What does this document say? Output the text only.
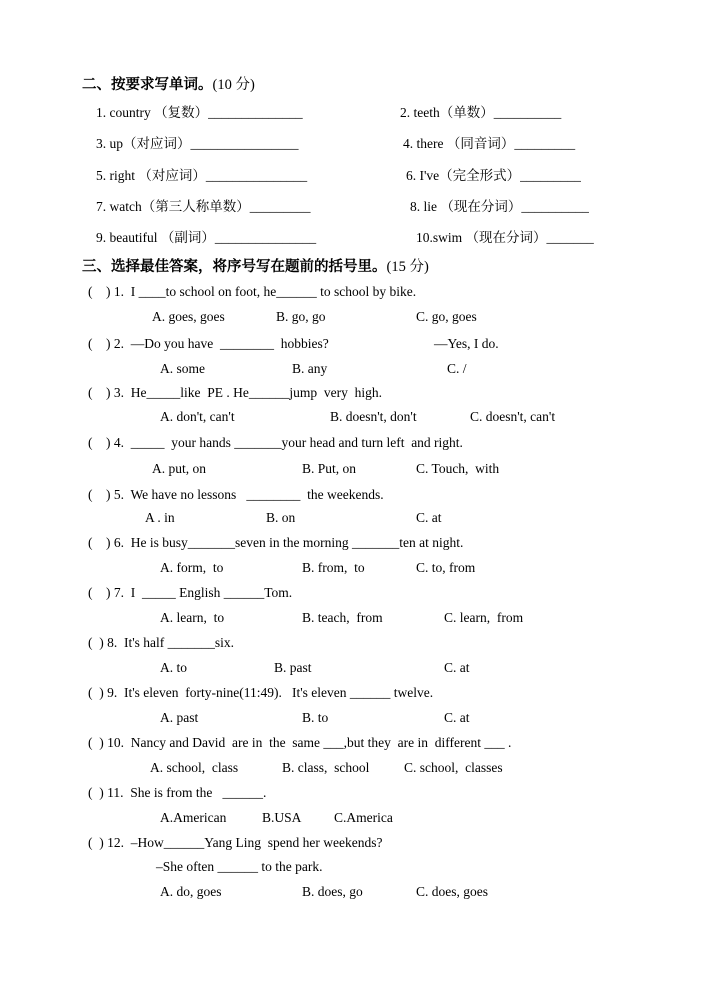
二、按要求写单词。(10 分)
1. country （复数）______________	2. teeth（单数）__________
3. up（对应词）________________	4. there （同音词）_________
5. right （对应词）_______________	6. I've（完全形式）_________
7. watch（第三人称单数）_________	8. lie （现在分词）__________
9. beautiful （副词）_______________	10.swim （现在分词）_______
三、选择最佳答案，将序号写在题前的括号里。(15 分)
(    ) 1.  I ____to school on foot, he______ to school by bike.
A. goes, goes	B. go, go	C. go, goes
(    ) 2.  —Do you have  ________  hobbies?	—Yes, I do.
A. some	B. any	C. /
(    ) 3.  He_____like  PE . He______jump  very  high.
A. don't, can't	B. doesn't, don't	C. doesn't, can't
(    ) 4.  _____  your hands _______your head and turn left  and right.
A. put, on	B. Put, on	C. Touch,  with
(    ) 5.  We have no lessons   ________  the weekends.
A . in	B. on	C. at
(    ) 6.  He is busy_______seven in the morning _______ten at night.
A. form,  to	B. from,  to	C. to, from
(    ) 7.  I  _____ English ______Tom.
A. learn,  to	B. teach,  from	C. learn,  from
(  ) 8.  It's half _______six.
A. to	B. past	C. at
(  ) 9.  It's eleven  forty-nine(11:49).   It's eleven ______ twelve.
A. past	B. to	C. at
(  ) 10.  Nancy and David  are in  the  same ___,but they  are in  different ___ .
A. school,  class	B. class,  school	C. school,  classes
(  ) 11.  She is from the   ______.
A.American	B.USA C.America
(  ) 12.  –How______Yang Ling  spend her weekends?
–She often ______ to the park.
A. do, goes	B. does, go	C. does, goes
